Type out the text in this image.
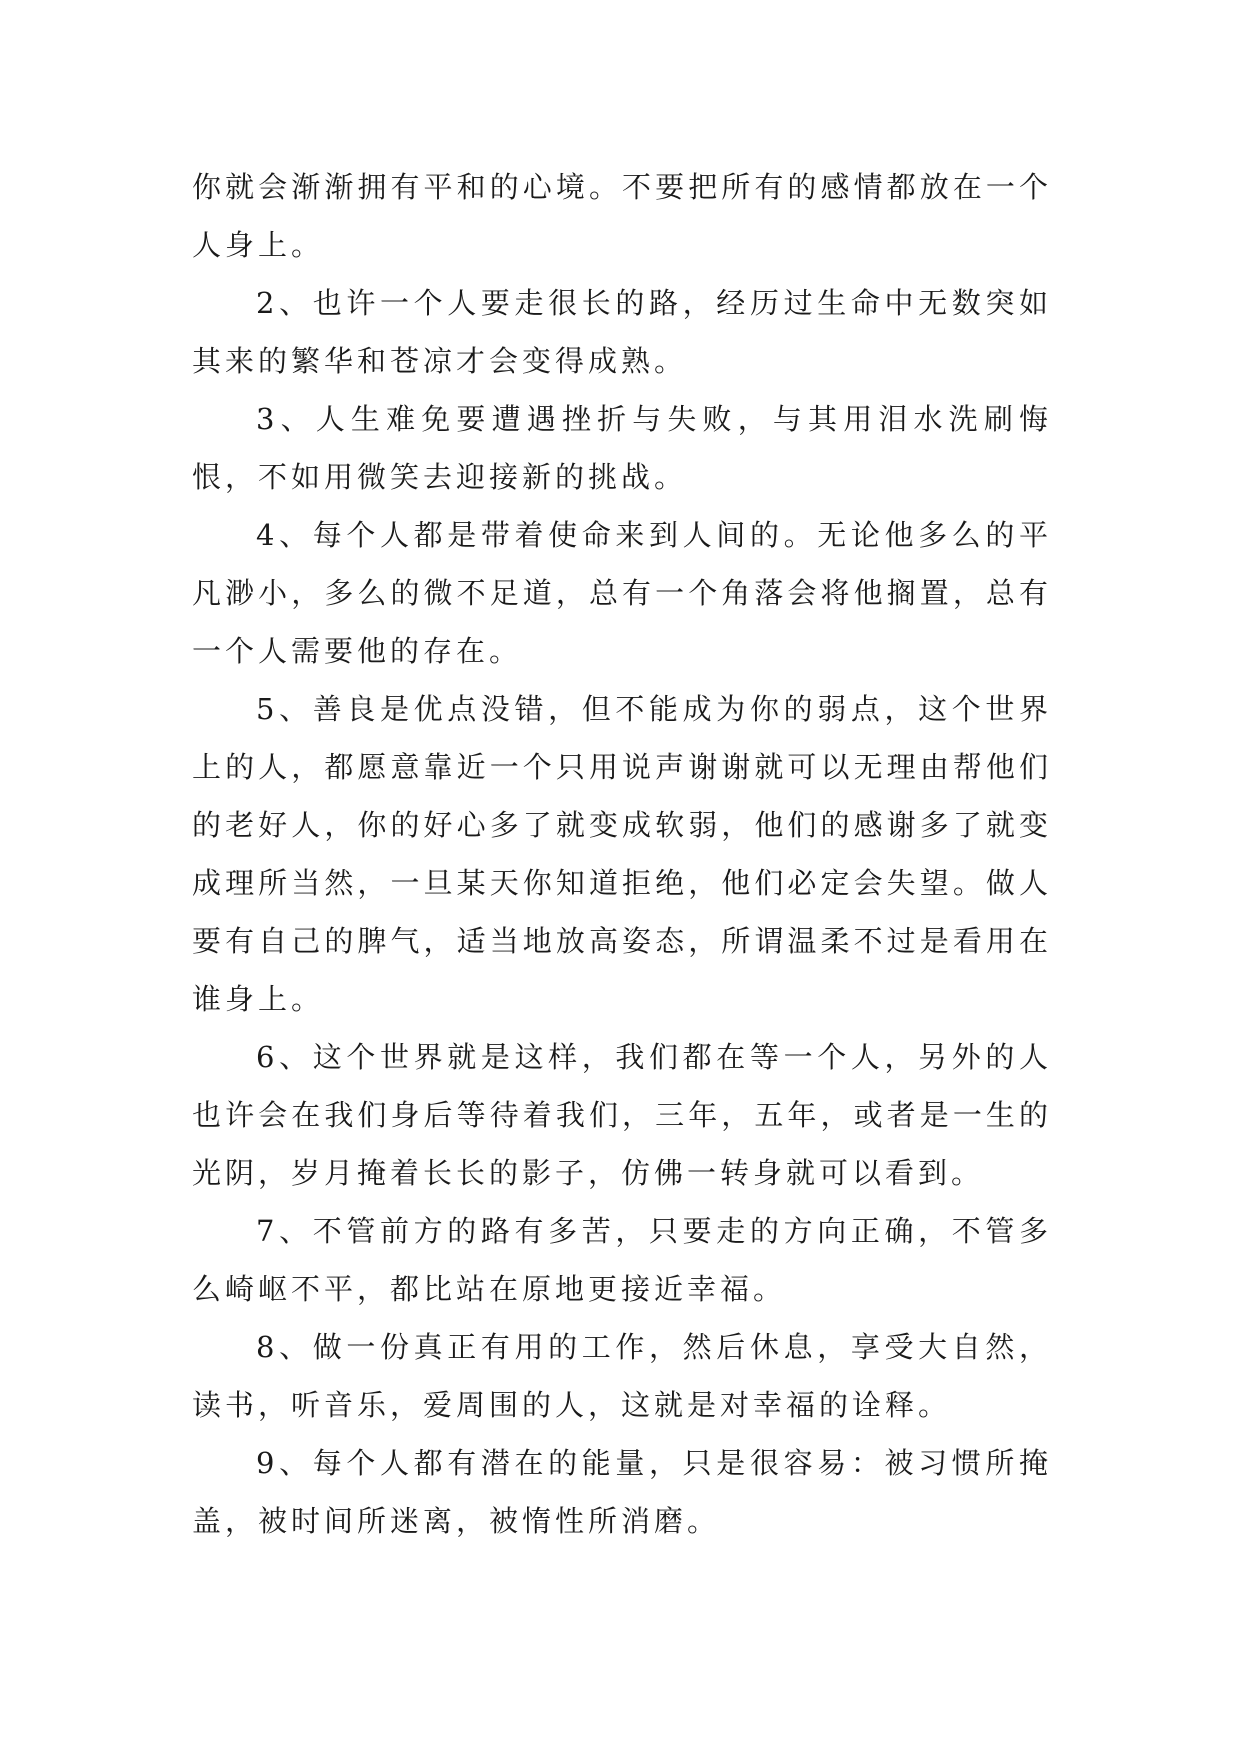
你就会渐渐拥有平和的心境。不要把所有的感情都放在一个人身上。

2、也许一个人要走很长的路，经历过生命中无数突如其来的繁华和苍凉才会变得成熟。

3、人生难免要遭遇挫折与失败，与其用泪水洗刷悔恨，不如用微笑去迎接新的挑战。

4、每个人都是带着使命来到人间的。无论他多么的平凡渺小，多么的微不足道，总有一个角落会将他搁置，总有一个人需要他的存在。

5、善良是优点没错，但不能成为你的弱点，这个世界上的人，都愿意靠近一个只用说声谢谢就可以无理由帮他们的老好人，你的好心多了就变成软弱，他们的感谢多了就变成理所当然，一旦某天你知道拒绝，他们必定会失望。做人要有自己的脾气，适当地放高姿态，所谓温柔不过是看用在谁身上。

6、这个世界就是这样，我们都在等一个人，另外的人也许会在我们身后等待着我们，三年，五年，或者是一生的光阴，岁月掩着长长的影子，仿佛一转身就可以看到。

7、不管前方的路有多苦，只要走的方向正确，不管多么崎岖不平，都比站在原地更接近幸福。

8、做一份真正有用的工作，然后休息，享受大自然，读书，听音乐，爱周围的人，这就是对幸福的诠释。

9、每个人都有潜在的能量，只是很容易：被习惯所掩盖，被时间所迷离，被惰性所消磨。
